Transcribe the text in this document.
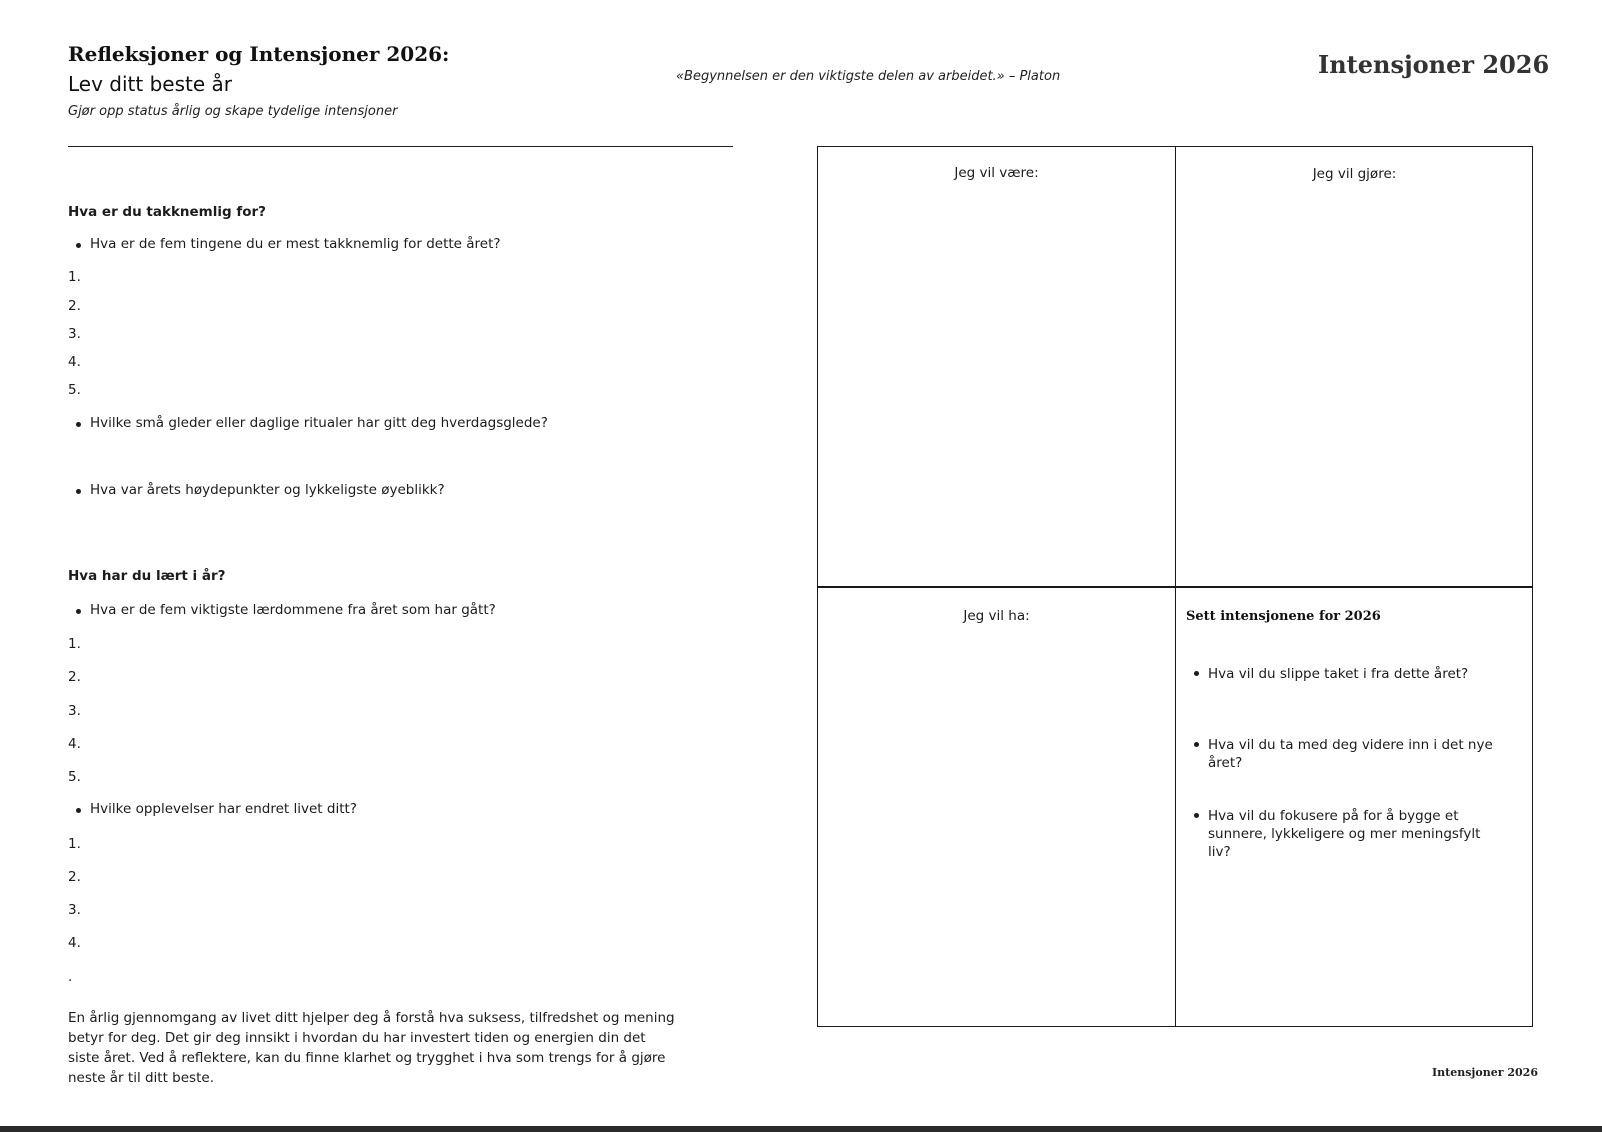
Refleksjoner og Intensjoner 2026:
Lev ditt beste år
Gjør opp status årlig og skape tydelige intensjoner
«Begynnelsen er den viktigste delen av arbeidet.» – Platon	Intensjoner 2026
Hva er du takknemlig for?
Hva er de fem tingene du er mest takknemlig for dette året?
1.
2.
3.
4.
5.
Hvilke små gleder eller daglige ritualer har gitt deg hverdagsglede?
Hva var årets høydepunkter og lykkeligste øyeblikk?
Hva har du lært i år?
Hva er de fem viktigste lærdommene fra året som har gått?
1.
2.
3.
4.
5.
Hvilke opplevelser har endret livet ditt?
1.
2.
3.
4.
.
En årlig gjennomgang av livet ditt hjelper deg å forstå hva suksess, tilfredshet og mening betyr for deg. Det gir deg innsikt i hvordan du har investert tiden og energien din det siste året. Ved å reflektere, kan du finne klarhet og trygghet i hva som trengs for å gjøre neste år til ditt beste.
Jeg vil være:	Jeg vil gjøre:
Jeg vil ha:	Sett intensjonene for 2026
Hva vil du slippe taket i fra dette året?
Hva vil du ta med deg videre inn i det nye året?
Hva vil du fokusere på for å bygge et sunnere, lykkeligere og mer meningsfylt liv?
Intensjoner 2026
